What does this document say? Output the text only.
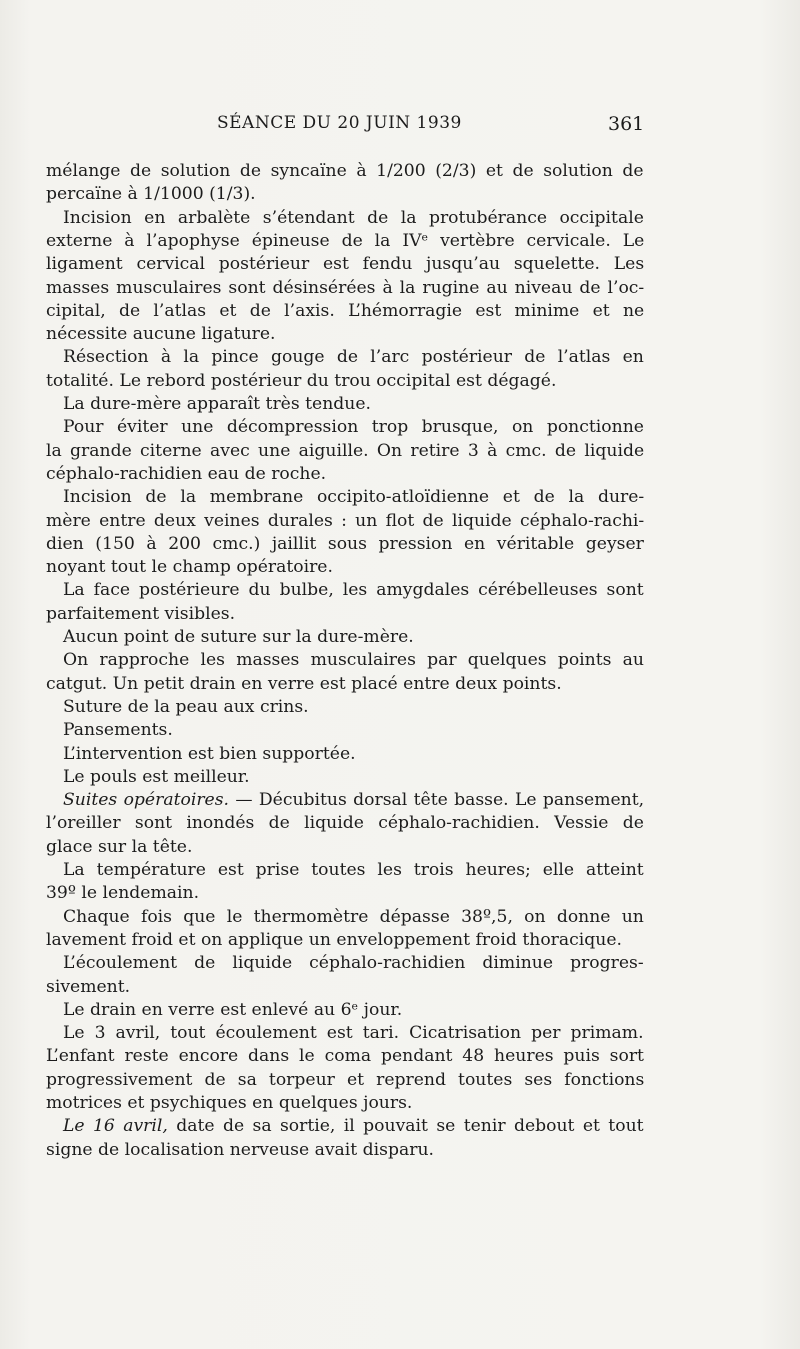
SÉANCE DU 20 JUIN 1939	361
mélange de solution de syncaïne à 1/200 (2/3) et de solution de
percaïne à 1/1000 (1/3).
Incision en arbalète s’étendant de la protubérance occipitale
externe à l’apophyse épineuse de la IVᵉ vertèbre cervicale. Le
ligament cervical postérieur est fendu jusqu’au squelette. Les
masses musculaires sont désinsérées à la rugine au niveau de l’oc-
cipital, de l’atlas et de l’axis. L’hémorragie est minime et ne
nécessite aucune ligature.
Résection à la pince gouge de l’arc postérieur de l’atlas en
totalité. Le rebord postérieur du trou occipital est dégagé.
La dure-mère apparaît très tendue.
Pour éviter une décompression trop brusque, on ponctionne
la grande citerne avec une aiguille. On retire 3 à cmc. de liquide
céphalo-rachidien eau de roche.
Incision de la membrane occipito-atloïdienne et de la dure-
mère entre deux veines durales : un flot de liquide céphalo-rachi-
dien (150 à 200 cmc.) jaillit sous pression en véritable geyser
noyant tout le champ opératoire.
La face postérieure du bulbe, les amygdales cérébelleuses sont
parfaitement visibles.
Aucun point de suture sur la dure-mère.
On rapproche les masses musculaires par quelques points au
catgut. Un petit drain en verre est placé entre deux points.
Suture de la peau aux crins.
Pansements.
L’intervention est bien supportée.
Le pouls est meilleur.
Suites opératoires. — Décubitus dorsal tête basse. Le pansement,
l’oreiller sont inondés de liquide céphalo-rachidien. Vessie de
glace sur la tête.
La température est prise toutes les trois heures; elle atteint
39º le lendemain.
Chaque fois que le thermomètre dépasse 38º,5, on donne un
lavement froid et on applique un enveloppement froid thoracique.
L’écoulement de liquide céphalo-rachidien diminue progres-
sivement.
Le drain en verre est enlevé au 6ᵉ jour.
Le 3 avril, tout écoulement est tari. Cicatrisation per primam.
L’enfant reste encore dans le coma pendant 48 heures puis sort
progressivement de sa torpeur et reprend toutes ses fonctions
motrices et psychiques en quelques jours.
Le 16 avril, date de sa sortie, il pouvait se tenir debout et tout
signe de localisation nerveuse avait disparu.
